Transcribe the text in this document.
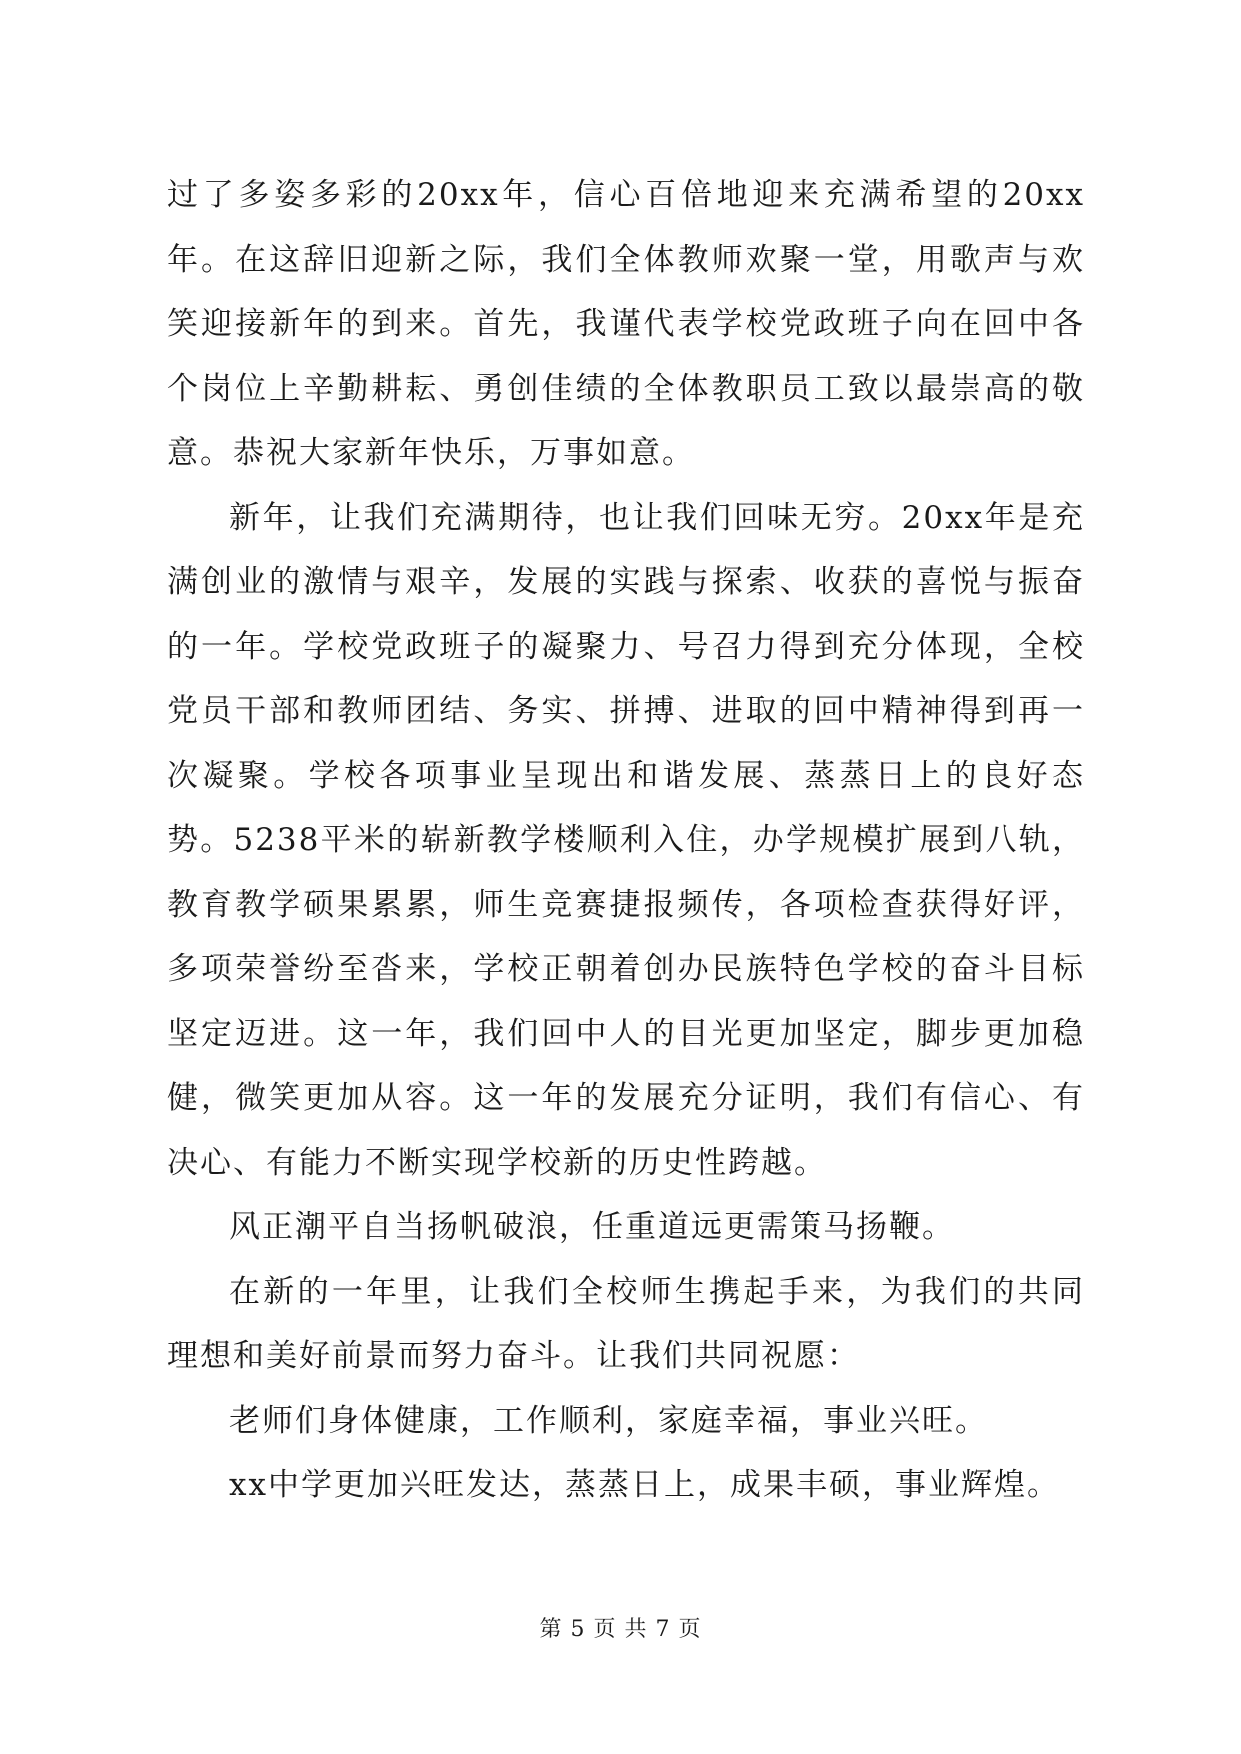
过了多姿多彩的20xx年，信心百倍地迎来充满希望的20xx年。在这辞旧迎新之际，我们全体教师欢聚一堂，用歌声与欢笑迎接新年的到来。首先，我谨代表学校党政班子向在回中各个岗位上辛勤耕耘、勇创佳绩的全体教职员工致以最崇高的敬意。恭祝大家新年快乐，万事如意。

新年，让我们充满期待，也让我们回味无穷。20xx年是充满创业的激情与艰辛，发展的实践与探索、收获的喜悦与振奋的一年。学校党政班子的凝聚力、号召力得到充分体现，全校党员干部和教师团结、务实、拼搏、进取的回中精神得到再一次凝聚。学校各项事业呈现出和谐发展、蒸蒸日上的良好态势。5238平米的崭新教学楼顺利入住，办学规模扩展到八轨，教育教学硕果累累，师生竞赛捷报频传，各项检查获得好评，多项荣誉纷至沓来，学校正朝着创办民族特色学校的奋斗目标坚定迈进。这一年，我们回中人的目光更加坚定，脚步更加稳健，微笑更加从容。这一年的发展充分证明，我们有信心、有决心、有能力不断实现学校新的历史性跨越。

风正潮平自当扬帆破浪，任重道远更需策马扬鞭。

在新的一年里，让我们全校师生携起手来，为我们的共同理想和美好前景而努力奋斗。让我们共同祝愿：

老师们身体健康，工作顺利，家庭幸福，事业兴旺。

xx中学更加兴旺发达，蒸蒸日上，成果丰硕，事业辉煌。

第 5 页 共 7 页
